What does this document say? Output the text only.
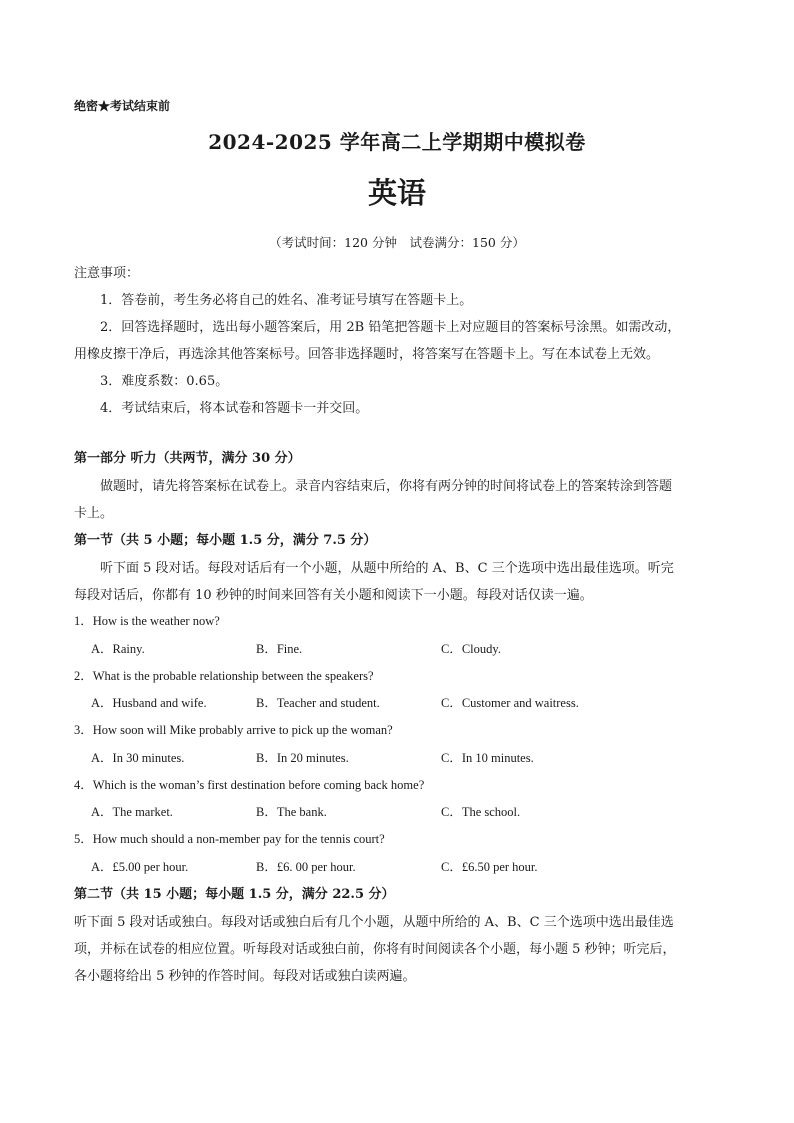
绝密★考试结束前
2024-2025 学年高二上学期期中模拟卷
英语
（考试时间：120 分钟　试卷满分：150 分）
注意事项：
1．答卷前，考生务必将自己的姓名、准考证号填写在答题卡上。
2．回答选择题时，选出每小题答案后，用 2B 铅笔把答题卡上对应题目的答案标号涂黑。如需改动，
用橡皮擦干净后，再选涂其他答案标号。回答非选择题时，将答案写在答题卡上。写在本试卷上无效。
3．难度系数：0.65。
4．考试结束后，将本试卷和答题卡一并交回。
第一部分 听力（共两节，满分 30 分）
做题时，请先将答案标在试卷上。录音内容结束后，你将有两分钟的时间将试卷上的答案转涂到答题
卡上。
第一节（共 5 小题；每小题 1.5 分，满分 7.5 分）
听下面 5 段对话。每段对话后有一个小题，从题中所给的 A、B、C 三个选项中选出最佳选项。听完
每段对话后，你都有 10 秒钟的时间来回答有关小题和阅读下一小题。每段对话仅读一遍。
1．How is the weather now?
A．Rainy.	B．Fine.	C．Cloudy.
2．What is the probable relationship between the speakers?
A．Husband and wife.	B．Teacher and student.	C．Customer and waitress.
3．How soon will Mike probably arrive to pick up the woman?
A．In 30 minutes.	B．In 20 minutes.	C．In 10 minutes.
4．Which is the woman’s first destination before coming back home?
A．The market.	B．The bank.	C．The school.
5．How much should a non-member pay for the tennis court?
A．£5.00 per hour.	B．£6. 00 per hour.	C．£6.50 per hour.
第二节（共 15 小题；每小题 1.5 分，满分 22.5 分）
听下面 5 段对话或独白。每段对话或独白后有几个小题，从题中所给的 A、B、C 三个选项中选出最佳选
项，并标在试卷的相应位置。听每段对话或独白前，你将有时间阅读各个小题，每小题 5 秒钟；听完后，
各小题将给出 5 秒钟的作答时间。每段对话或独白读两遍。
